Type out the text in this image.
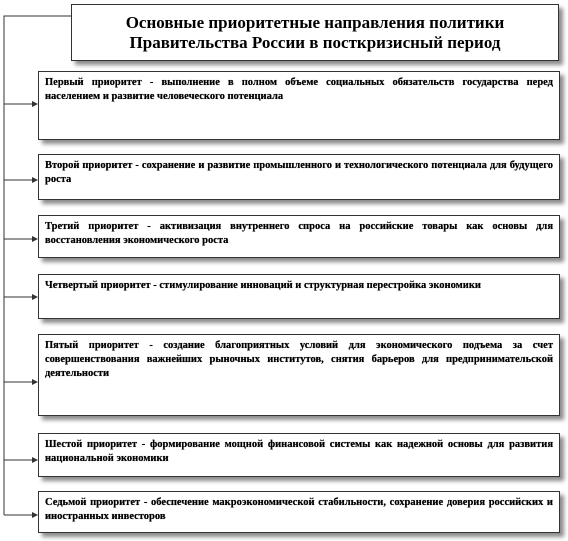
Основные приоритетные направления политики Правительства России в посткризисный период
Первый приоритет - выполнение в полном объеме социальных обязательств государства перед населением и развитие человеческого потенциала
Второй приоритет - сохранение и развитие промышленного и технологического потенциала для будущего роста
Третий приоритет - активизация внутреннего спроса на российские товары как основы для восстановления экономического роста
Четвертый приоритет - стимулирование инноваций и структурная перестройка экономики
Пятый приоритет - создание благоприятных условий для экономического подъема за счет совершенствования важнейших рыночных институтов, снятия барьеров для предпринимательской деятельности
Шестой приоритет - формирование мощной финансовой системы как надежной основы для развития национальной экономики
Седьмой приоритет - обеспечение макроэкономической стабильности, сохранение доверия российских и иностранных инвесторов
